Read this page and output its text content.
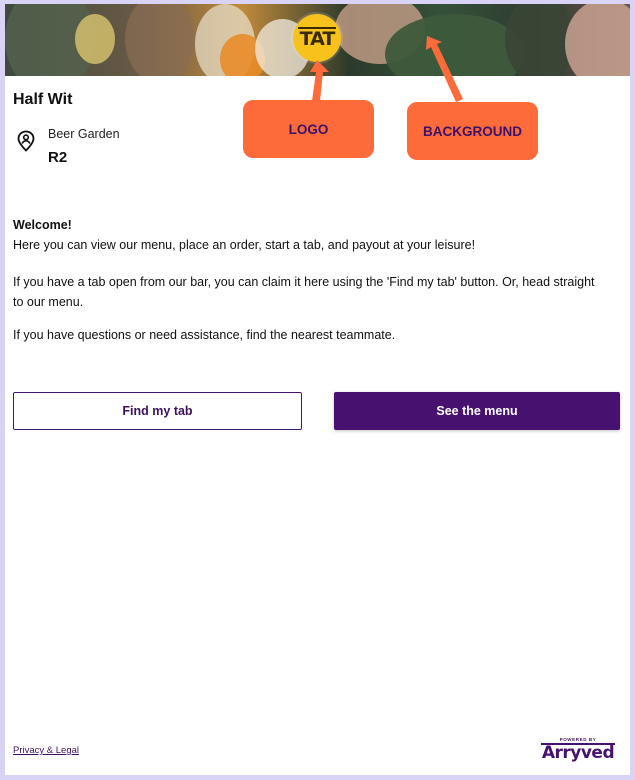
TAT
LOGO	BACKGROUND
Half Wit
Beer Garden
R2
Welcome!
Here you can view our menu, place an order, start a tab, and payout at your leisure!
If you have a tab open from our bar, you can claim it here using the 'Find my tab' button. Or, head straight to our menu.
If you have questions or need assistance, find the nearest teammate.
Find my tab	See the menu
Privacy & Legal
POWERED BY
Arryved
